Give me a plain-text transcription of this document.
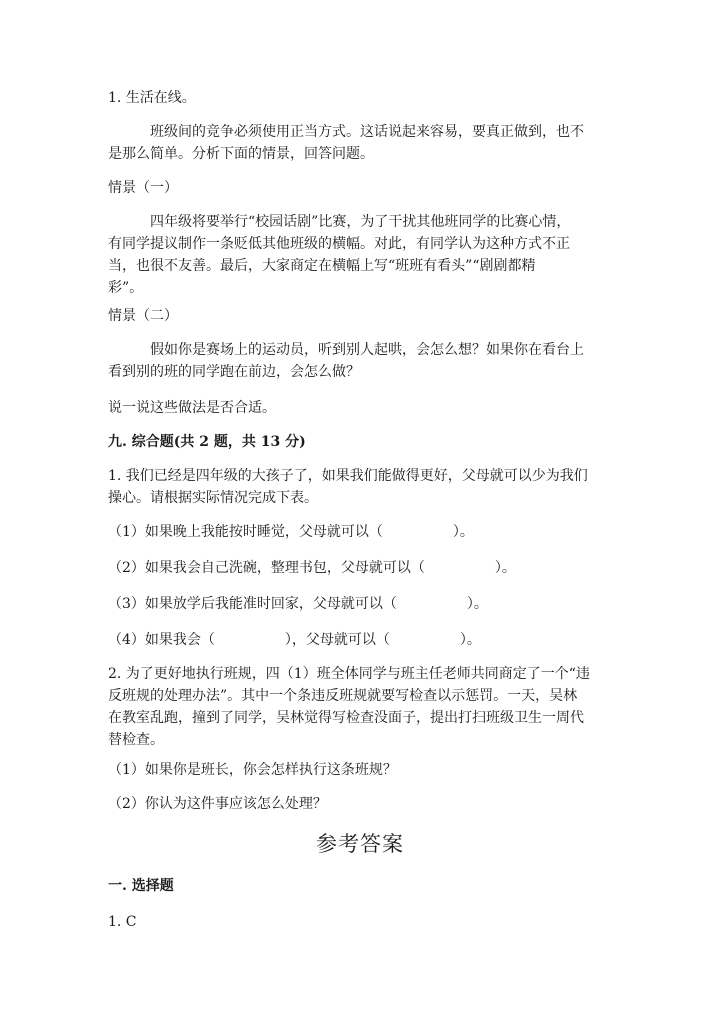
1. 生活在线。
班级间的竞争必须使用正当方式。这话说起来容易，要真正做到，也不
是那么简单。分析下面的情景，回答问题。
情景（一）
四年级将要举行“校园话剧”比赛，为了干扰其他班同学的比赛心情，
有同学提议制作一条贬低其他班级的横幅。对此，有同学认为这种方式不正
当，也很不友善。最后，大家商定在横幅上写“班班有看头”“剧剧都精
彩”。
情景（二）
假如你是赛场上的运动员，听到别人起哄，会怎么想？如果你在看台上
看到别的班的同学跑在前边，会怎么做？
说一说这些做法是否合适。
九. 综合题(共 2 题，共 13 分)
1. 我们已经是四年级的大孩子了，如果我们能做得更好，父母就可以少为我们
操心。请根据实际情况完成下表。
（1）如果晚上我能按时睡觉，父母就可以（　　　　　）。
（2）如果我会自己洗碗，整理书包，父母就可以（　　　　　）。
（3）如果放学后我能准时回家，父母就可以（　　　　　）。
（4）如果我会（　　　　　），父母就可以（　　　　　）。
2. 为了更好地执行班规，四（1）班全体同学与班主任老师共同商定了一个“违
反班规的处理办法”。其中一个条违反班规就要写检查以示惩罚。一天，吴林
在教室乱跑，撞到了同学，吴林觉得写检查没面子，提出打扫班级卫生一周代
替检查。
（1）如果你是班长，你会怎样执行这条班规？
（2）你认为这件事应该怎么处理？
参考答案
一. 选择题
1. C
